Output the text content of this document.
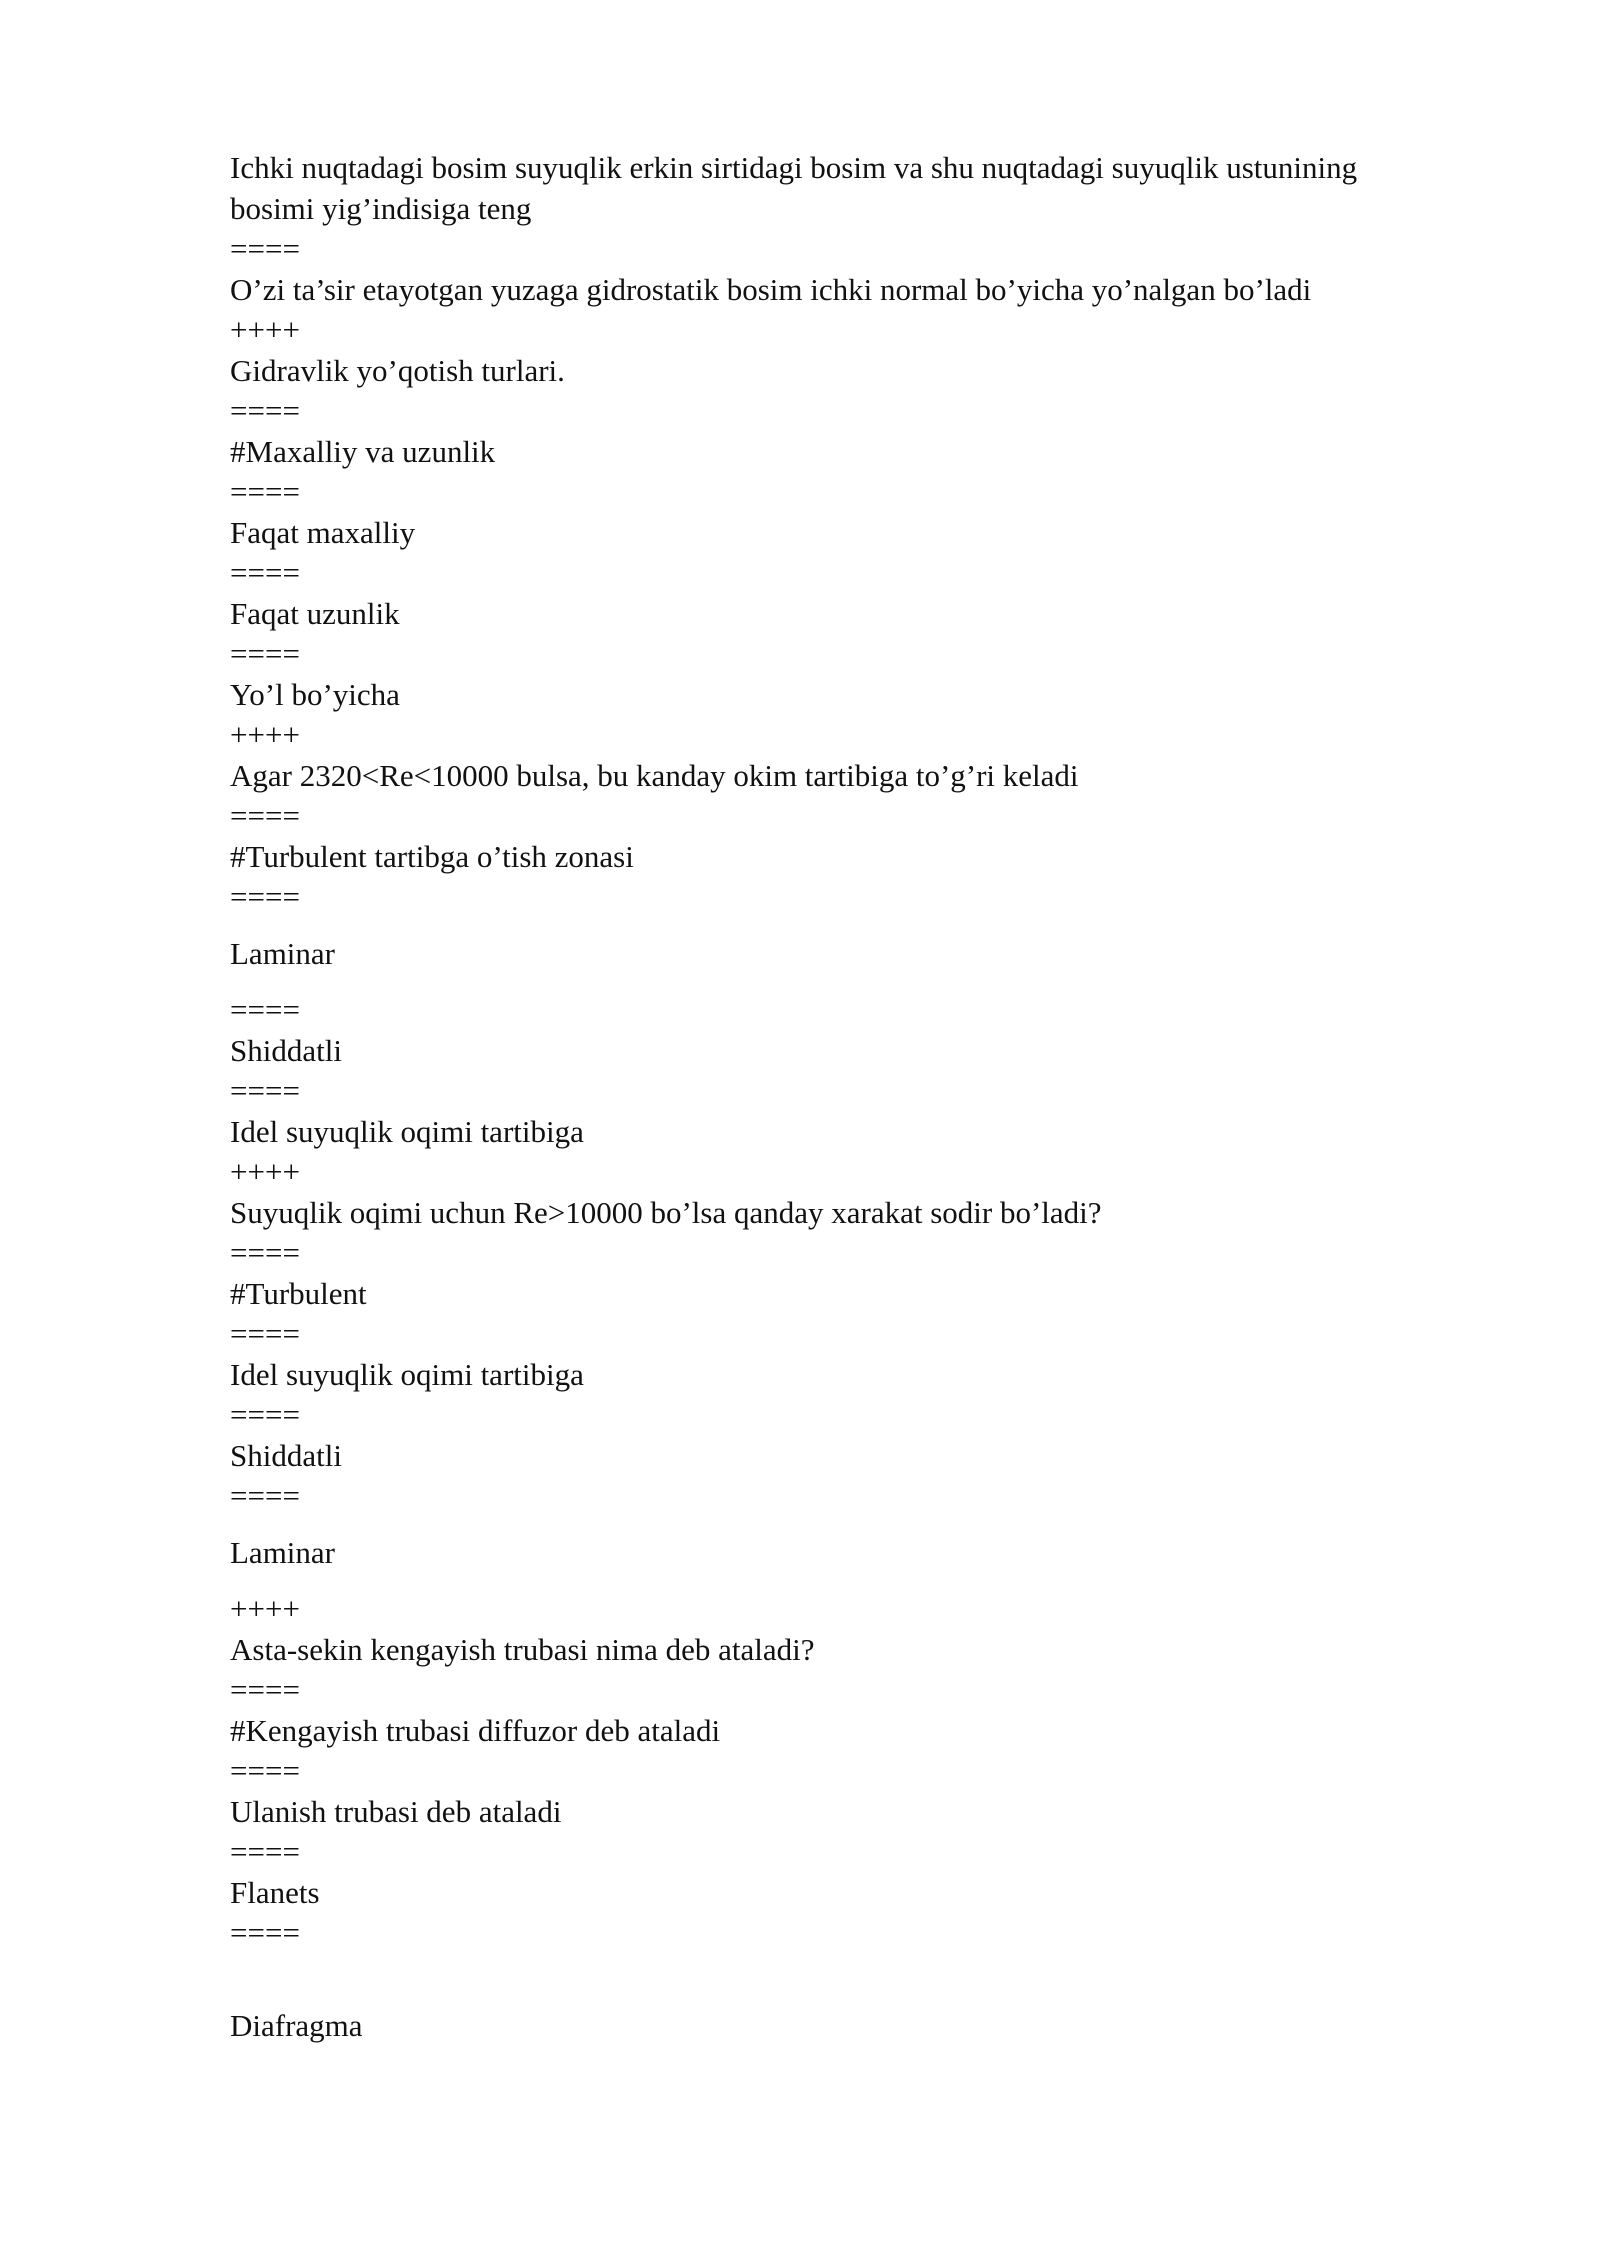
Ichki nuqtadagi bosim suyuqlik erkin sirtidagi bosim va shu nuqtadagi suyuqlik ustunining bosimi yig’indisiga teng

====

O’zi ta’sir etayotgan yuzaga gidrostatik bosim ichki normal bo’yicha yo’nalgan bo’ladi

++++

Gidravlik yo’qotish turlari.

====

#Maxalliy va uzunlik

====

Faqat maxalliy

====

Faqat uzunlik

====

Yo’l bo’yicha

++++

Agar 2320<Re<10000 bulsa, bu kanday okim tartibiga to’g’ri keladi

====

#Turbulent tartibga o’tish zonasi

====

Laminar

====

Shiddatli

====

Idel suyuqlik oqimi tartibiga

++++

Suyuqlik oqimi uchun Re>10000 bo’lsa qanday xarakat sodir bo’ladi?

====

#Turbulent

====

Idel suyuqlik oqimi tartibiga

====

Shiddatli

====

Laminar

++++

Asta-sekin kengayish trubasi nima deb ataladi?

====

#Kengayish trubasi diffuzor deb ataladi

====

Ulanish trubasi deb ataladi

====

Flanets

====

Diafragma
